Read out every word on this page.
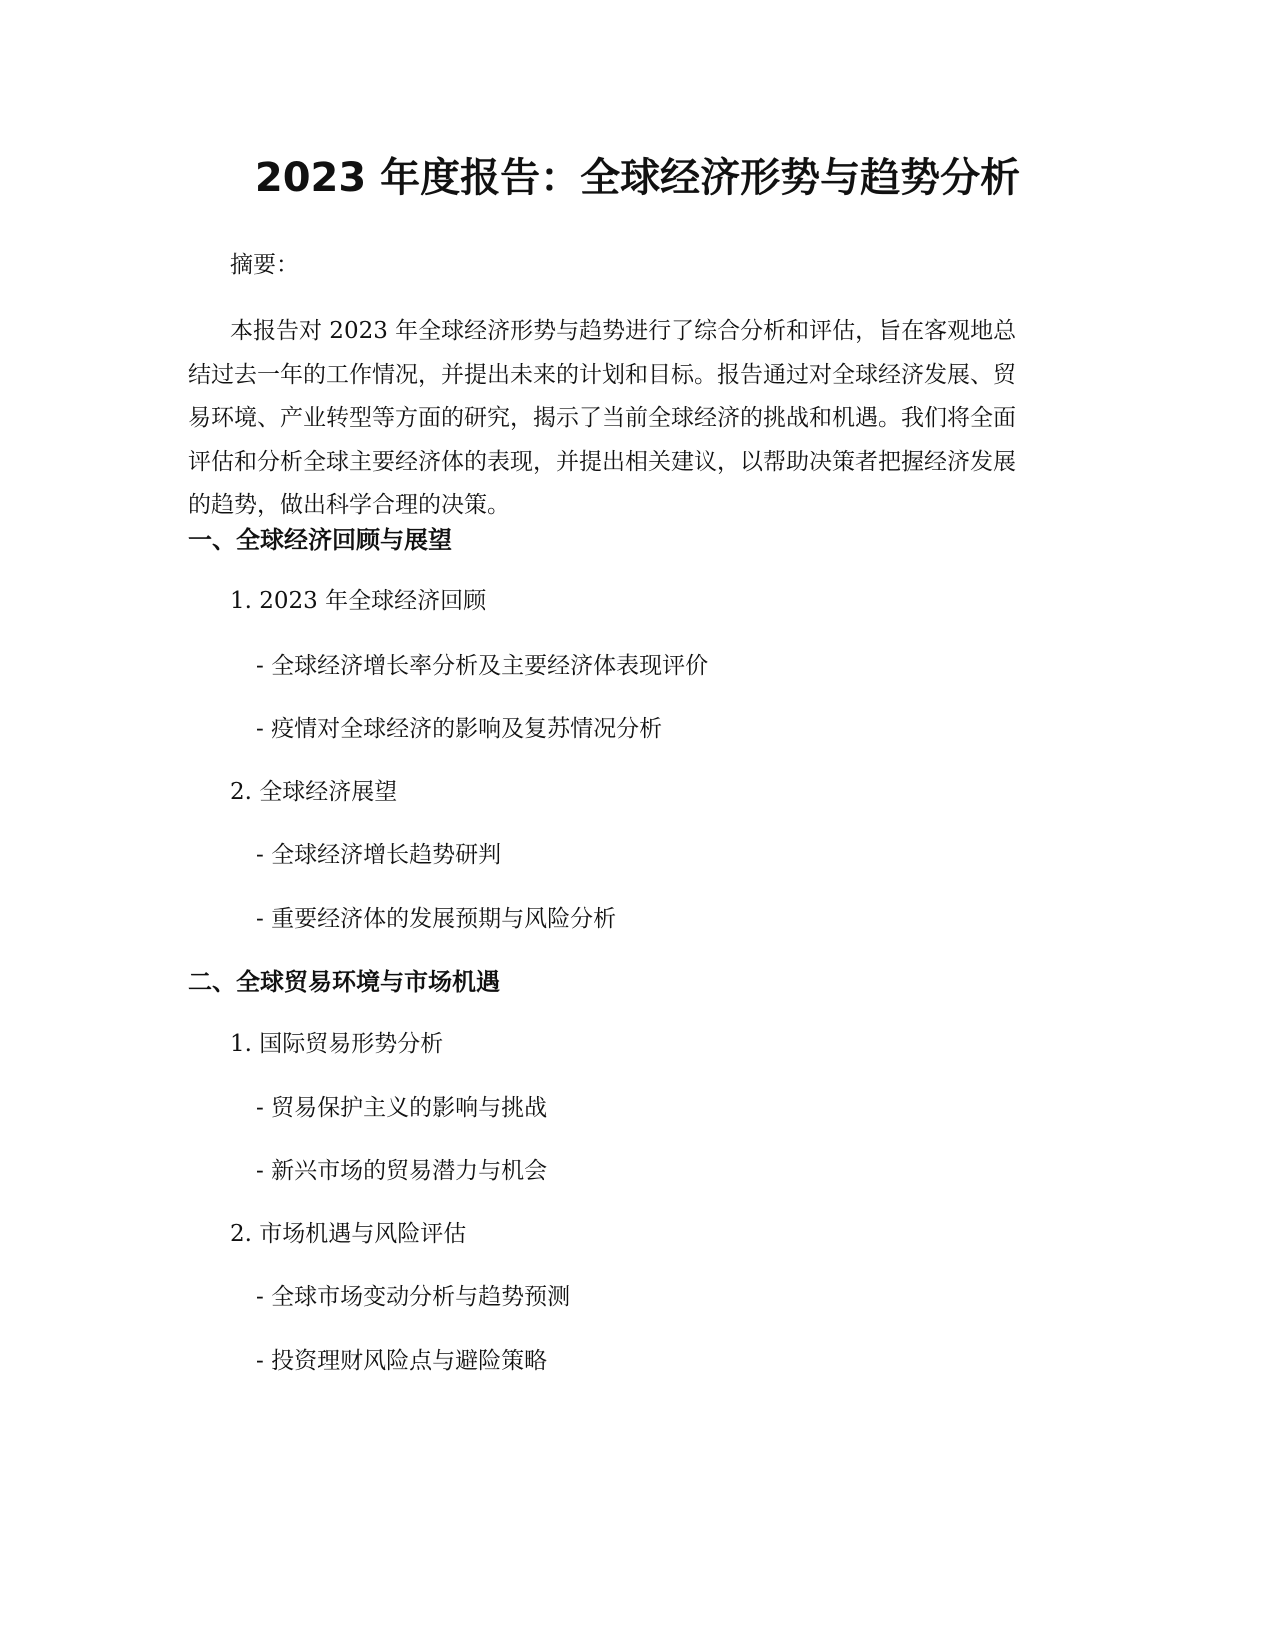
2023 年度报告：全球经济形势与趋势分析
摘要：

本报告对 2023 年全球经济形势与趋势进行了综合分析和评估，旨在客观地总
结过去一年的工作情况，并提出未来的计划和目标。报告通过对全球经济发展、贸
易环境、产业转型等方面的研究，揭示了当前全球经济的挑战和机遇。我们将全面
评估和分析全球主要经济体的表现，并提出相关建议，以帮助决策者把握经济发展
的趋势，做出科学合理的决策。

一、全球经济回顾与展望
1. 2023 年全球经济回顾
- 全球经济增长率分析及主要经济体表现评价
- 疫情对全球经济的影响及复苏情况分析
2. 全球经济展望
- 全球经济增长趋势研判
- 重要经济体的发展预期与风险分析
二、全球贸易环境与市场机遇
1. 国际贸易形势分析
- 贸易保护主义的影响与挑战
- 新兴市场的贸易潜力与机会
2. 市场机遇与风险评估
- 全球市场变动分析与趋势预测
- 投资理财风险点与避险策略
